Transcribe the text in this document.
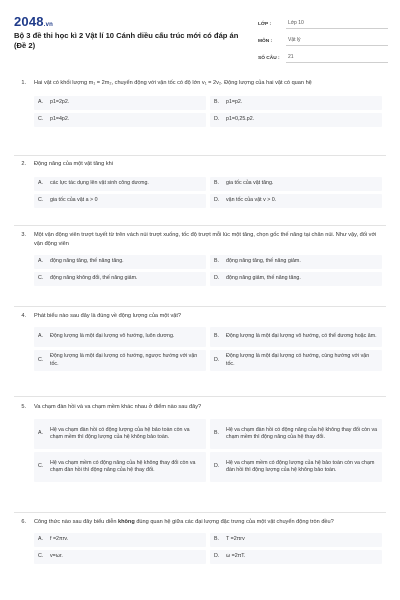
2048.vn
Bộ 3 đề thi học kì 2 Vật lí 10 Cánh diều cấu trúc mới có đáp án (Đề 2)
LỚP :	Lớp 10
MÔN :	Vật lý
SỐ CÂU :	21
1. Hai vật có khối lượng m₁ = 2m₂, chuyển động với vận tốc có độ lớn v₁ = 2v₂. Động lượng của hai vật có quan hệ
A.	p1=2p2.	B.	p1=p2.
C.	p1=4p2.	D.	p1=0,25.p2.
2. Động năng của một vật tăng khi
A.	các lực tác dụng lên vật sinh công dương.	B.	gia tốc của vật tăng.
C.	gia tốc của vật a > 0	D.	vận tốc của vật v > 0.
3. Một vận động viên trượt tuyết từ trên vách núi trượt xuống, tốc độ trượt mỗi lúc một tăng, chọn gốc thế năng tại chân núi. Như vậy, đối với vận động viên
A.	động năng tăng, thế năng tăng.	B.	động năng tăng, thế năng giảm.
C.	động năng không đổi, thế năng giảm.	D.	động năng giảm, thế năng tăng.
4. Phát biểu nào sau đây là đúng về động lượng của một vật?
A.	Động lượng là một đại lượng vô hướng, luôn dương.	B.	Động lượng là một đại lượng vô hướng, có thể dương hoặc âm.
C.
Động lượng là một đại lượng có hướng, ngược hướng với vận tốc.
D.
Động lượng là một đại lượng có hướng, cùng hướng với vận tốc.
5. Va chạm đàn hồi và va chạm mềm khác nhau ở điểm nào sau đây?
A.
Hệ va chạm đàn hồi có động lượng của hệ bảo toàn còn va chạm mềm thì động lượng của hệ không bảo toàn.
B.
Hệ va chạm đàn hồi có động năng của hệ không thay đổi còn va chạm mềm thì động năng của hệ thay đổi.
C.
Hệ va chạm mềm có động năng của hệ không thay đổi còn va chạm đàn hồi thì động năng của hệ thay đổi.
D.
Hệ va chạm mềm có động lượng của hệ bảo toàn còn va chạm đàn hồi thì động lượng của hệ không bảo toàn.
6. Công thức nào sau đây biểu diễn không đúng quan hệ giữa các đại lượng đặc trưng của một vật chuyển động tròn đều?
A.	f =2πrv.	B.	T =2πrv
C.	v=ωr.	D.	ω =2πT.
